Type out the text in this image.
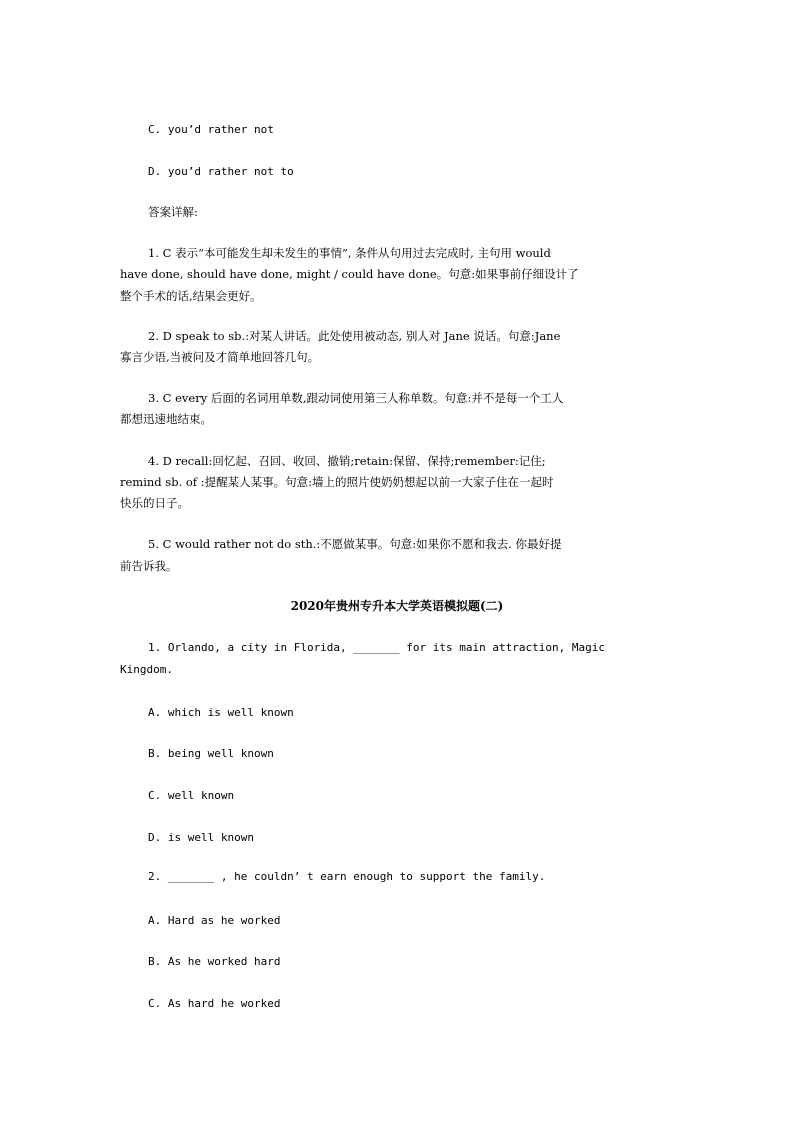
C. you’d rather not
D. you’d rather not to
答案详解:
1. C 表示“本可能发生却未发生的事情”, 条件从句用过去完成时, 主句用 would
have done, should have done, might / could have done。句意:如果事前仔细设计了
整个手术的话,结果会更好。
2. D speak to sb.:对某人讲话。此处使用被动态, 别人对 Jane 说话。句意:Jane
寡言少语,当被问及才简单地回答几句。
3. C every 后面的名词用单数,跟动词使用第三人称单数。句意:并不是每一个工人
都想迅速地结束。
4. D recall:回忆起、召回、收回、撤销;retain:保留、保持;remember:记住;
remind sb. of :提醒某人某事。句意:墙上的照片使奶奶想起以前一大家子住在一起时
快乐的日子。
5. C would rather not do sth.:不愿做某事。句意:如果你不愿和我去. 你最好提
前告诉我。
2020年贵州专升本大学英语模拟题(二)
1. Orlando, a city in Florida, _______ for its main attraction, Magic
Kingdom.
A. which is well known
B. being well known
C. well known
D. is well known
2. _______ , he couldn’ t earn enough to support the family.
A. Hard as he worked
B. As he worked hard
C. As hard he worked
